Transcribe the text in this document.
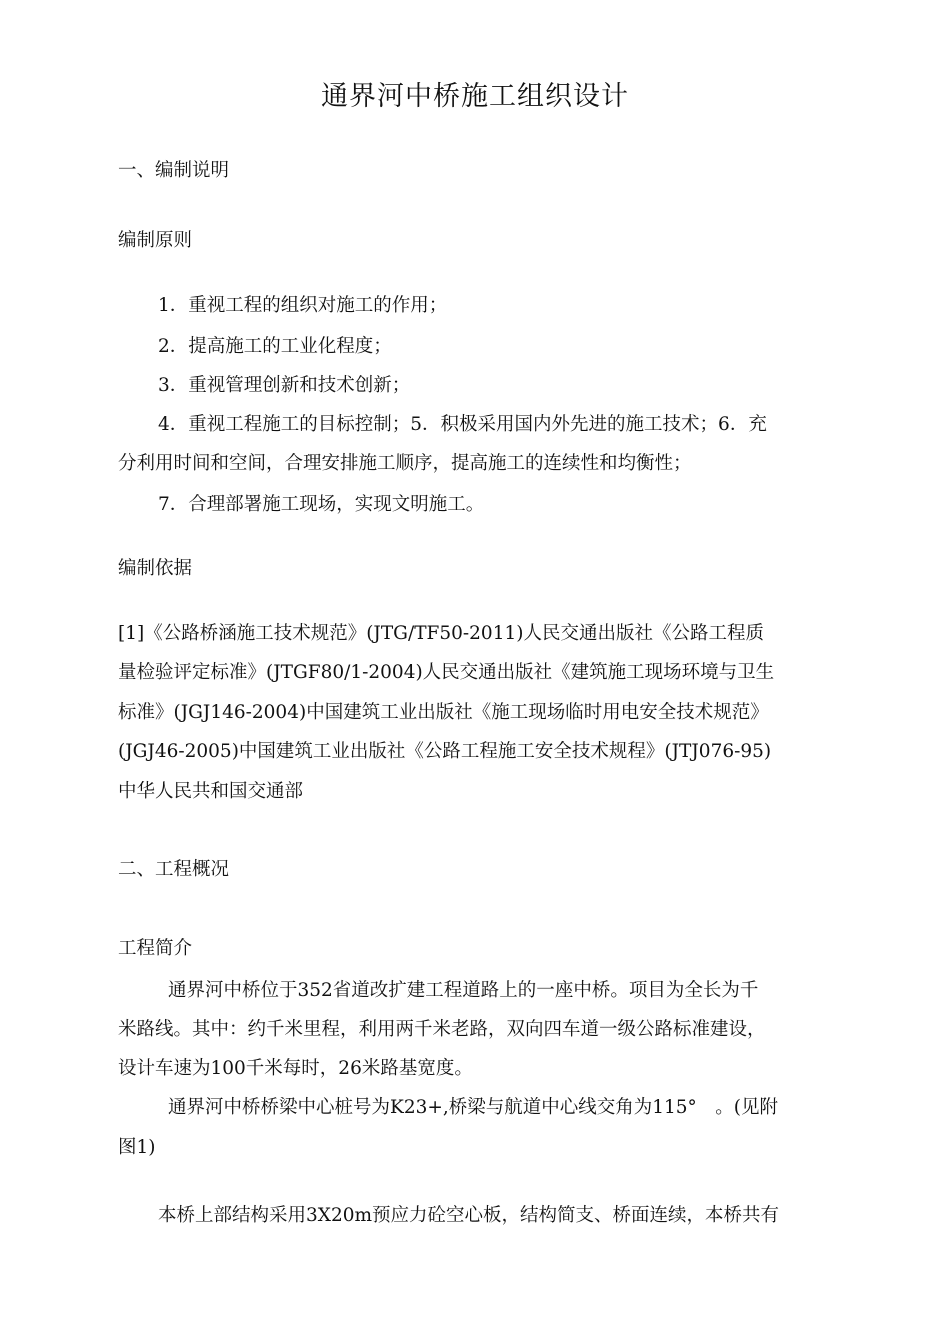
通界河中桥施工组织设计
一、编制说明
编制原则
1．重视工程的组织对施工的作用；
2．提高施工的工业化程度；
3．重视管理创新和技术创新；
4．重视工程施工的目标控制；5．积极采用国内外先进的施工技术；6．充
分利用时间和空间，合理安排施工顺序，提高施工的连续性和均衡性；
7．合理部署施工现场，实现文明施工。
编制依据
[1]《公路桥涵施工技术规范》(JTG/TF50-2011)人民交通出版社《公路工程质
量检验评定标准》(JTGF80/1-2004)人民交通出版社《建筑施工现场环境与卫生
标准》(JGJ146-2004)中国建筑工业出版社《施工现场临时用电安全技术规范》
(JGJ46-2005)中国建筑工业出版社《公路工程施工安全技术规程》(JTJ076-95)
中华人民共和国交通部
二、工程概况
工程简介
通界河中桥位于352省道改扩建工程道路上的一座中桥。项目为全长为千
米路线。其中：约千米里程，利用两千米老路，双向四车道一级公路标准建设，
设计车速为100千米每时，26米路基宽度。
通界河中桥桥梁中心桩号为K23+,桥梁与航道中心线交角为115°　。(见附
图1)
本桥上部结构采用3X20m预应力砼空心板，结构简支、桥面连续，本桥共有
